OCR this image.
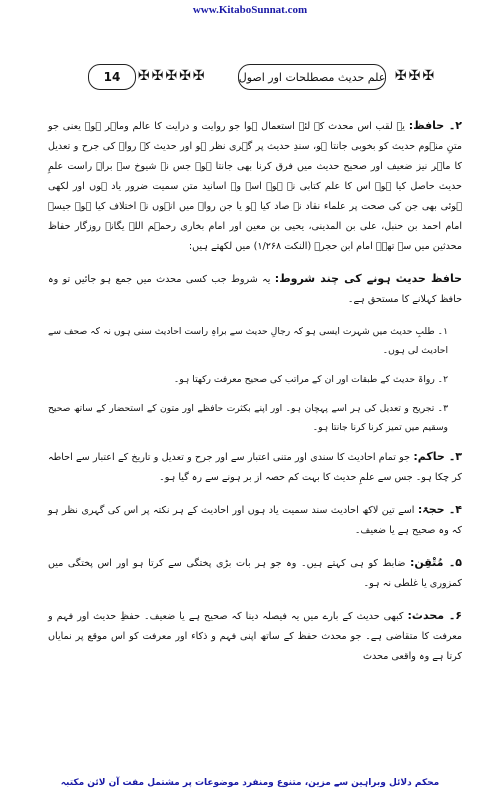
www.KitaboSunnat.com
✠✠✠
علم حدیث مصطلحات اور اصول
✠✠✠✠✠
14

۲۔ حافظ: یہ لقب اس محدث کے لئے استعمال ہوا جو روایت و درایت کا عالم وماہر ہو۔ یعنی جو متنِ منہوم حدیث کو بخوبی جانتا ہو، سندِ حدیث پر گہری نظر ہو اور حدیث کے رواۃ کی جرح و تعدیل کا ماہر نیز ضعیف اور صحیح حدیث میں فرق کرنا بھی جانتا ہو۔ جس نے شیوخ سے براہِ راست علمِ حدیث حاصل کیا ہو۔ اس کا علم کتابی نہ ہو۔ اسے وہ اسانید متن سمیت ضرور یاد ہوں اور لکھی ہوئی بھی جن کی صحت پر علماء نقاد نے صاد کیا ہو یا جن رواۃ میں انہوں نے اختلاف کیا ہو۔ جیسے امام احمد بن حنبل، علی بن المدینی، یحیی بن معین اور امام بخاری رحمہم اللہ یگانہ روزگار حفاظ محدثین میں سے تھے۔ امام ابن حجرؒ (النکت ۱/۲۶۸) میں لکھتے ہیں:

حافظ حدیث ہونے کی چند شروط: یہ شروط جب کسی محدث میں جمع ہو جائیں تو وہ حافظ کہلانے کا مستحق ہے۔

۱۔ طلبِ حدیث میں شہرت ایسی ہو کہ رجالِ حدیث سے براہِ راست احادیث سنی ہوں نہ کہ صحف سے احادیث لی ہوں۔

۲۔ رواۃ حدیث کے طبقات اور ان کے مراتب کی صحیح معرفت رکھتا ہو۔

۳۔ تجریح و تعدیل کی ہر اسے پہچان ہو۔ اور اپنے بکثرت حافظے اور متون کے استحضار کے ساتھ صحیح وسقیم میں تمیز کرنا کرنا جانتا ہو۔

۳۔ حاکم: جو تمام احادیث کا سندی اور متنی اعتبار سے اور جرح و تعدیل و تاریخ کے اعتبار سے احاطہ کر چکا ہو۔ جس سے علمِ حدیث کا بہت کم حصہ از بر ہونے سے رہ گیا ہو۔

۴۔ حجۃ: اسے تین لاکھ احادیث سند سمیت یاد ہوں اور احادیث کے ہر نکتہ پر اس کی گہری نظر ہو کہ وہ صحیح ہے یا ضعیف۔

۵۔ مُتْقِن: ضابط کو ہی کہتے ہیں۔ وہ جو ہر بات بڑی پختگی سے کرتا ہو اور اس پختگی میں کمزوری یا غلطی نہ ہو۔

۶۔ محدث: کبھی حدیث کے بارے میں یہ فیصلہ دینا کہ صحیح ہے یا ضعیف۔ حفظِ حدیث اور فہم و معرفت کا متقاضی ہے۔ جو محدث حفظ کے ساتھ اپنی فہم و ذکاء اور معرفت کو اس موقع پر نمایاں کرتا ہے وہ واقعی محدث

محکم دلائل وبراہین سے مزین، متنوع ومنفرد موضوعات پر مشتمل مفت آن لائن مکتبہ
